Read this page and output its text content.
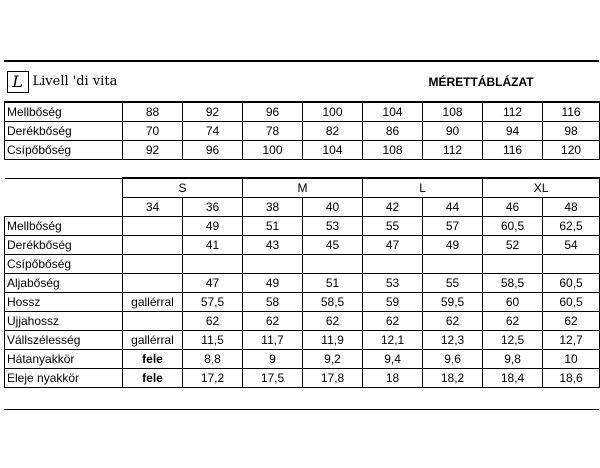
L Livell 'di vita					MÉRETTÁBLÁZAT			
Mellbőség	88	92	96	100	104	108	112	116
Derékbőség	70	74	78	82	86	90	94	98
Csípőbőség	92	96	100	104	108	112	116	120

	S		M		L		XL	
	34	36	38	40	42	44	46	48
Mellbőség		49	51	53	55	57	60,5	62,5
Derékbőség		41	43	45	47	49	52	54
Csípőbőség								
Aljabőség		47	49	51	53	55	58,5	60,5
Hossz	gallérral	57,5	58	58,5	59	59,5	60	60,5
Ujjahossz		62	62	62	62	62	62	62
Vállszélesség	gallérral	11,5	11,7	11,9	12,1	12,3	12,5	12,7
Hátanyakkör	fele	8,8	9	9,2	9,4	9,6	9,8	10
Eleje nyakkör	fele	17,2	17,5	17,8	18	18,2	18,4	18,6
